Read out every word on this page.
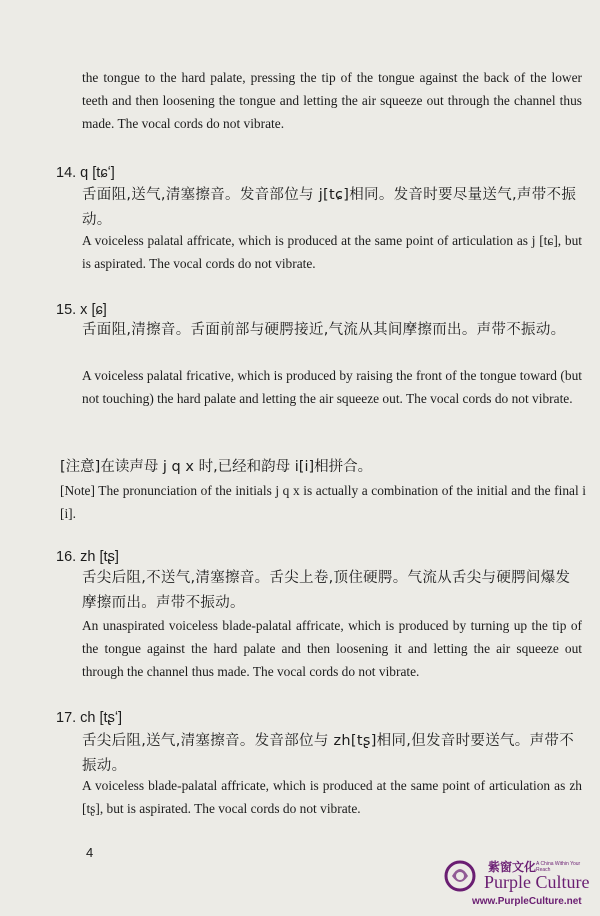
the tongue to the hard palate, pressing the tip of the tongue against the back of the lower teeth and then loosening the tongue and letting the air squeeze out through the channel thus made. The vocal cords do not vibrate.
14. q [tɕʻ]
舌面阻,送气,清塞擦音。发音部位与 j[tɕ]相同。发音时要尽量送气,声带不振动。
A voiceless palatal affricate, which is produced at the same point of articulation as j [tɕ], but is aspirated. The vocal cords do not vibrate.
15. x [ɕ]
舌面阻,清擦音。舌面前部与硬腭接近,气流从其间摩擦而出。声带不振动。
A voiceless palatal fricative, which is produced by raising the front of the tongue toward (but not touching) the hard palate and letting the air squeeze out. The vocal cords do not vibrate.
[注意]在读声母 j q x 时,已经和韵母 i[i]相拼合。
[Note] The pronunciation of the initials j q x is actually a combination of the initial and the final i [i].
16. zh [tʂ]
舌尖后阻,不送气,清塞擦音。舌尖上卷,顶住硬腭。气流从舌尖与硬腭间爆发摩擦而出。声带不振动。
An unaspirated voiceless blade-palatal affricate, which is produced by turning up the tip of the tongue against the hard palate and then loosening it and letting the air squeeze out through the channel thus made. The vocal cords do not vibrate.
17. ch [tʂʻ]
舌尖后阻,送气,清塞擦音。发音部位与 zh[tʂ]相同,但发音时要送气。声带不振动。
A voiceless blade-palatal affricate, which is produced at the same point of articulation as zh [tʂ], but is aspirated. The vocal cords do not vibrate.
4
紫窗文化 A China Within Your Reach
Purple Culture
www.PurpleCulture.net
